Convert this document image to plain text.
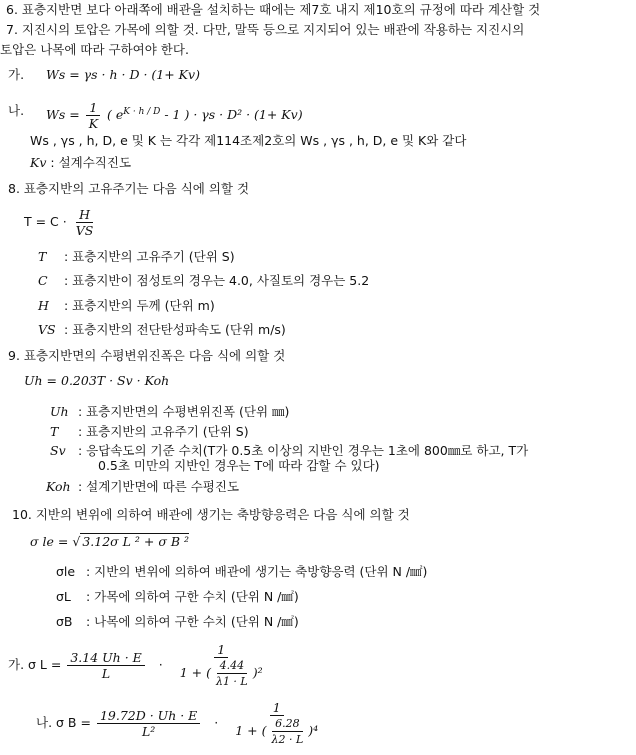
6. 표층지반면 보다 아래쪽에 배관을 설치하는 때에는 제7호 내지 제10호의 규정에 따라 계산할 것
7. 지진시의 토압은 가목에 의할 것. 다만, 말뚝 등으로 지지되어 있는 배관에 작용하는 지진시의
토압은 나목에 따라 구하여야 한다.
가. Ws = γs · h · D · (1+ Kv)
나. $Ws = \frac{1}{K}$ ( $e^{K \cdot h / D} - 1$ ) · γs · D² · (1+ Kv)
Ws , γs , h, D, e 및 K 는 각각 제114조제2호의 Ws , γs , h, D, e 및 K와 같다
Kv : 설계수직진도
8. 표층지반의 고유주기는 다음 식에 의할 것
$T = C \cdot \frac{H}{VS}$
T : 표층지반의 고유주기 (단위 S)
C : 표층지반이 점성토의 경우는 4.0, 사질토의 경우는 5.2
H : 표층지반의 두께 (단위 m)
VS : 표층지반의 전단탄성파속도 (단위 m/s)
9. 표층지반면의 수평변위진폭은 다음 식에 의할 것
Uh = 0.203T · Sv · Koh
Uh : 표층지반면의 수평변위진폭 (단위 ㎜)
T : 표층지반의 고유주기 (단위 S)
Sv : 응답속도의 기준 수치(T가 0.5초 이상의 지반인 경우는 1초에 800㎜로 하고, T가
0.5초 미만의 지반인 경우는 T에 따라 감할 수 있다)
Koh : 설계기반면에 따른 수평진도
10. 지반의 변위에 의하여 배관에 생기는 축방향응력은 다음 식에 의할 것
σ le = √ 3.12σ L ² + σ B ²
σle : 지반의 변위에 의하여 배관에 생기는 축방향응력 (단위 N /㎟)
σL : 가목에 의하여 구한 수치 (단위 N /㎟)
σB : 나목에 의하여 구한 수치 (단위 N /㎟)
가. σ $L = \frac{3.14 Uh \cdot E}{L} \cdot \frac{1}{1 + ( \frac{4.44}{\lambda 1 \cdot L} )^2}$
나. σ $B = \frac{19.72D \cdot Uh \cdot E}{\text{L²}} \cdot \frac{1}{1 + ( \frac{6.28}{\lambda 2 \cdot L} )^4}$
